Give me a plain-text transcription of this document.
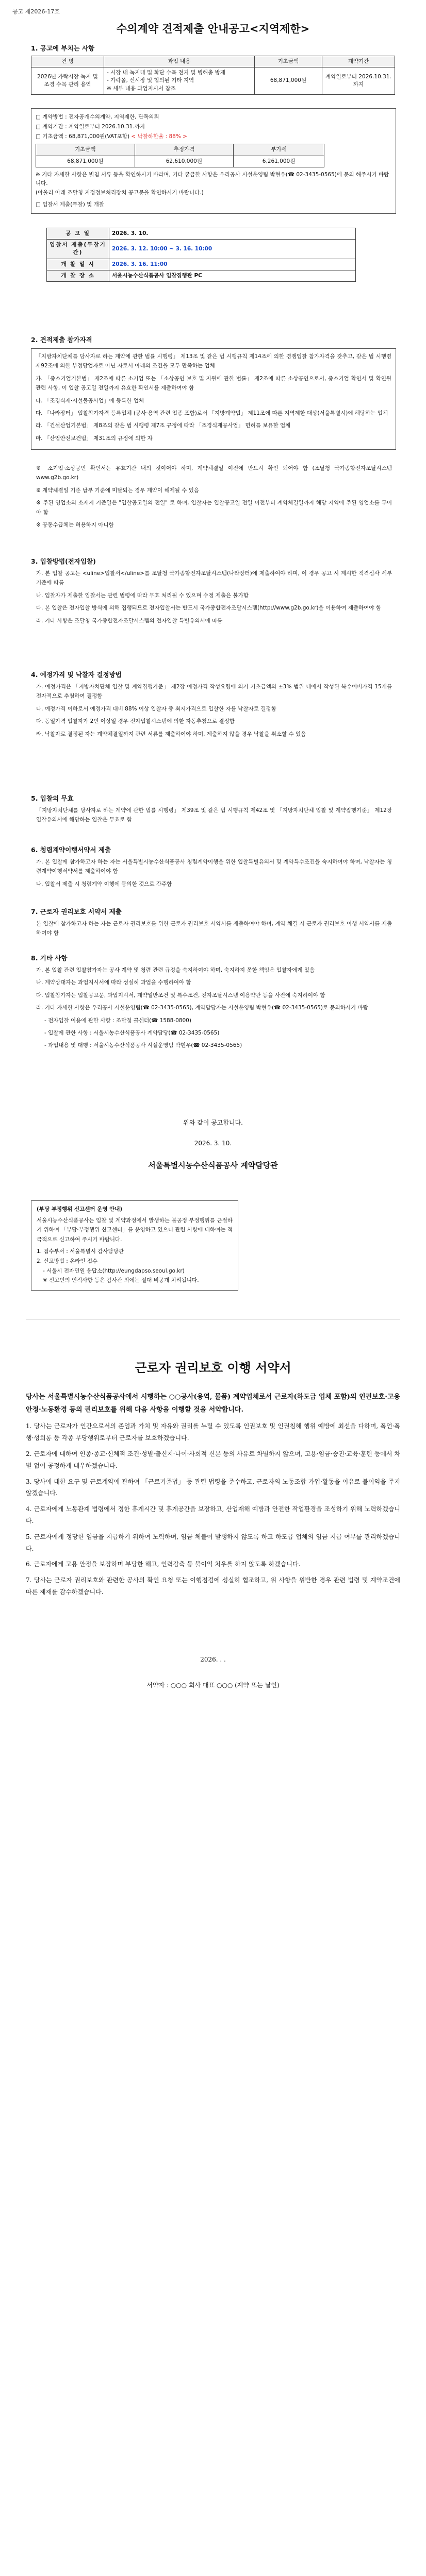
공고 제2026-17호
수의계약 견적제출 안내공고<지역제한>
1. 공고에 부치는 사항
건 명	과업 내용	기초금액	계약기간
2026년 가락시장 녹지 및 조경 수목 관리 용역	- 시장 내 녹지대 및 화단 수목 전지 및 병해충 방제
- 가락몰, 신시장 및 협의된 기타 지역
※ 세부 내용 과업지시서 참조	68,871,000원	계약일로부터 2026.10.31.까지
□ 계약방법 : 전자공개수의계약, 지역제한, 단독의뢰
□ 계약기간 : 계약일로부터 2026.10.31.까지
□ 기초금액 : 68,871,000원(VAT포함) < 낙찰하한율 : 88% >
기초금액	추정가격	부가세
68,871,000원	62,610,000원	6,261,000원
※ 기타 자세한 사항은 별첨 서류 등을 확인하시기 바라며, 기타 궁금한 사항은 우리공사 시설운영팀 박현우(☎ 02-3435-0565)에 문의 해주시기 바랍니다.
(아울러 아래 조달청 지정정보처리장치 공고문을 확인하시기 바랍니다.)
□ 입찰서 제출(투찰) 및 개찰
공 고 일	2026. 3. 10.
입찰서 제출(투찰기간)	2026. 3. 12. 10:00 ~ 3. 16. 10:00
개 찰 일 시	2026. 3. 16. 11:00
개 찰 장 소	서울시농수산식품공사 입찰집행관 PC
2. 견적제출 참가자격

「지방자치단체를 당사자로 하는 계약에 관한 법률 시행령」 제13조 및 같은 법 시행규칙 제14조에 의한 경쟁입찰 참가자격을 갖추고, 같은 법 시행령 제92조에 의한 부정당업자로 아닌 자로서 아래의 조건을 모두 만족하는 업체

가. 「중소기업기본법」 제2조에 따른 소기업 또는 「소상공인 보호 및 지원에 관한 법률」 제2조에 따른 소상공인으로서, 중소기업 확인서 및 확인원 관련 사항, 이 입찰 공고일 전일까지 유효한 확인서를 제출하여야 함

나. 「조경식재·시설물공사업」에 등록한 업체

다. 「나라장터」 입찰참가자격 등록업체 (공사·용역 관련 업종 포함)로서 「지방계약법」 제11조에 따른 지역제한 대상(서울특별시)에 해당하는 업체

라. 「건설산업기본법」 제8조의 같은 법 시행령 제7조 규정에 따라 「조경식재공사업」 면허를 보유한 업체

마. 「산업안전보건법」 제31조의 규정에 의한 자

※ 소기업·소상공인 확인서는 유효기간 내의 것이어야 하며, 계약체결일 이전에 반드시 확인 되어야 함 (조달청 국가종합전자조달시스템 www.g2b.go.kr)

※ 계약체결일 기준 납부 기준에 미달되는 경우 계약이 해제될 수 있음

※ 주된 영업소의 소재지 기준일은 "입찰공고일의 전일" 로 하며, 입찰자는 입찰공고일 전일 이전부터 계약체결일까지 해당 지역에 주된 영업소를 두어야 함

※ 공동수급체는 허용하지 아니함

3. 입찰방법(전자입찰)

가. 본 입찰 공고는 <uline>입찰서</uline>를 조달청 국가종합전자조달시스템(나라장터)에 제출하여야 하며, 이 경우 공고 시 제시한 적격심사 세부기준에 따름

나. 입찰자가 제출한 입찰서는 관련 법령에 따라 무효 처리될 수 있으며 수정 제출은 불가함

다. 본 입찰은 전자입찰 방식에 의해 집행되므로 전자입찰서는 반드시 국가종합전자조달시스템(http://www.g2b.go.kr)을 이용하여 제출하여야 함

라. 기타 사항은 조달청 국가종합전자조달시스템의 전자입찰 특별유의서에 따름

4. 예정가격 및 낙찰자 결정방법

가. 예정가격은 「지방자치단체 입찰 및 계약집행기준」 제2장 예정가격 작성요령에 의거 기초금액의 ±3% 범위 내에서 작성된 복수예비가격 15개를 전자적으로 추첨하여 결정함

나. 예정가격 이하로서 예정가격 대비 88% 이상 입찰자 중 최저가격으로 입찰한 자를 낙찰자로 결정함

다. 동일가격 입찰자가 2인 이상일 경우 전자입찰시스템에 의한 자동추첨으로 결정함

라. 낙찰자로 결정된 자는 계약체결일까지 관련 서류를 제출하여야 하며, 제출하지 않을 경우 낙찰을 취소할 수 있음

5. 입찰의 무효

「지방자치단체를 당사자로 하는 계약에 관한 법률 시행령」 제39조 및 같은 법 시행규칙 제42조 및 「지방자치단체 입찰 및 계약집행기준」 제12장 입찰유의서에 해당하는 입찰은 무효로 함

6. 청렴계약이행서약서 제출

가. 본 입찰에 참가하고자 하는 자는 서울특별시농수산식품공사 청렴계약이행을 위한 입찰특별유의서 및 계약특수조건을 숙지하여야 하며, 낙찰자는 청렴계약이행서약서를 제출하여야 함

나. 입찰서 제출 시 청렴계약 이행에 동의한 것으로 간주함

7. 근로자 권리보호 서약서 제출

본 입찰에 참가하고자 하는 자는 근로자 권리보호를 위한 근로자 권리보호 서약서를 제출하여야 하며, 계약 체결 시 근로자 권리보호 이행 서약서를 제출하여야 함

8. 기타 사항

가. 본 입찰 관련 입찰참가자는 공사 계약 및 청렴 관련 규정을 숙지하여야 하며, 숙지하지 못한 책임은 입찰자에게 있음

나. 계약상대자는 과업지시서에 따라 성실히 과업을 수행하여야 함

다. 입찰참가자는 입찰공고문, 과업지시서, 계약일반조건 및 특수조건, 전자조달시스템 이용약관 등을 사전에 숙지하여야 함

라. 기타 자세한 사항은 우리공사 시설운영팀(☎ 02-3435-0565), 계약담당자는 시설운영팀 박현우(☎ 02-3435-0565)로 문의하시기 바람

- 전자입찰 이용에 관한 사항 : 조달청 콜센터(☎ 1588-0800)

- 입찰에 관한 사항 : 서울시농수산식품공사 계약담당(☎ 02-3435-0565)

- 과업내용 및 대행 : 서울시농수산식품공사 시설운영팀 박현우(☎ 02-3435-0565)

위와 같이 공고합니다.
2026. 3. 10.
서울특별시농수산식품공사 계약담당관
(부당 부정행위 신고센터 운영 안내)
서울시농수산식품공사는 입찰 및 계약과정에서 발생하는 불공정·부정행위를 근절하기 위하여 「부당·부정행위 신고센터」를 운영하고 있으니 관련 사항에 대하여는 적극적으로 신고하여 주시기 바랍니다.
1. 접수부서 : 서울특별시 감사담당관
2. 신고방법 : 온라인 접수
- 서울시 전자민원 응답소(http://eungdapso.seoul.go.kr)
※ 신고인의 인적사항 등은 감사관 외에는 절대 비공개 처리됩니다.
근로자 권리보호 이행 서약서

당사는 서울특별시농수산식품공사에서 시행하는 ○○공사(용역, 물품) 계약업체로서 근로자(하도급 업체 포함)의 인권보호·고용안정·노동환경 등의 권리보호를 위해 다음 사항을 이행할 것을 서약합니다.

1. 당사는 근로자가 인간으로서의 존엄과 가치 및 자유와 권리를 누릴 수 있도록 인권보호 및 인권침해 행위 예방에 최선을 다하며, 폭언·폭행·성희롱 등 각종 부당행위로부터 근로자를 보호하겠습니다.

2. 근로자에 대하여 인종·종교·신체적 조건·성별·출신지·나이·사회적 신분 등의 사유로 차별하지 않으며, 고용·임금·승진·교육·훈련 등에서 차별 없이 공정하게 대우하겠습니다.

3. 당사에 대한 요구 및 근로계약에 관하여 「근로기준법」 등 관련 법령을 준수하고, 근로자의 노동조합 가입·활동을 이유로 불이익을 주지 않겠습니다.

4. 근로자에게 노동관계 법령에서 정한 휴게시간 및 휴게공간을 보장하고, 산업재해 예방과 안전한 작업환경을 조성하기 위해 노력하겠습니다.

5. 근로자에게 정당한 임금을 지급하기 위하여 노력하며, 임금 체불이 발생하지 않도록 하고 하도급 업체의 임금 지급 여부를 관리하겠습니다.

6. 근로자에게 고용 안정을 보장하며 부당한 해고, 인력감축 등 불이익 처우를 하지 않도록 하겠습니다.

7. 당사는 근로자 권리보호와 관련한 공사의 확인 요청 또는 이행점검에 성실히 협조하고, 위 사항을 위반한 경우 관련 법령 및 계약조건에 따른 제재를 감수하겠습니다.

2026. . .
서약자 : ○○○ 회사 대표 ○○○ (계약 또는 날인)
